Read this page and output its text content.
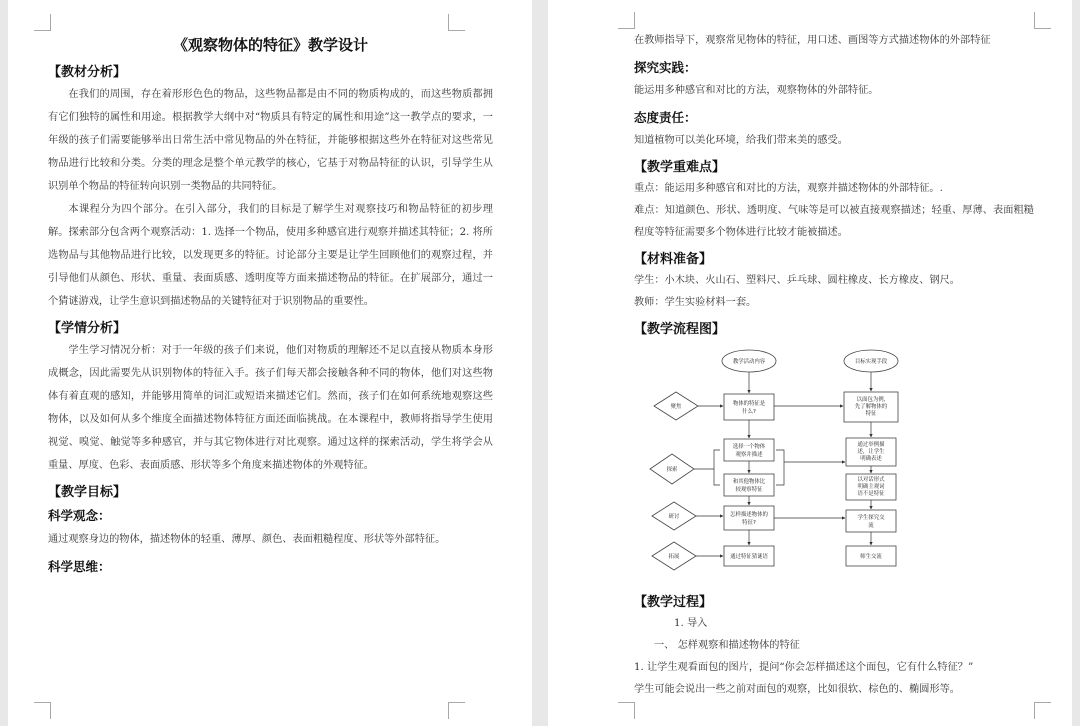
《观察物体的特征》教学设计
【教材分析】

在我们的周围，存在着形形色色的物品，这些物品都是由不同的物质构成的，而这些物质都拥有它们独特的属性和用途。根据教学大纲中对“物质具有特定的属性和用途”这一教学点的要求，一年级的孩子们需要能够举出日常生活中常见物品的外在特征，并能够根据这些外在特征对这些常见物品进行比较和分类。分类的理念是整个单元教学的核心，它基于对物品特征的认识，引导学生从识别单个物品的特征转向识别一类物品的共同特征。

本课程分为四个部分。在引入部分，我们的目标是了解学生对观察技巧和物品特征的初步理解。探索部分包含两个观察活动：1. 选择一个物品，使用多种感官进行观察并描述其特征；2. 将所选物品与其他物品进行比较，以发现更多的特征。讨论部分主要是让学生回顾他们的观察过程，并引导他们从颜色、形状、重量、表面质感、透明度等方面来描述物品的特征。在扩展部分，通过一个猜谜游戏，让学生意识到描述物品的关键特征对于识别物品的重要性。

【学情分析】

学生学习情况分析：对于一年级的孩子们来说，他们对物质的理解还不足以直接从物质本身形成概念，因此需要先从识别物体的特征入手。孩子们每天都会接触各种不同的物体，他们对这些物体有着直观的感知，并能够用简单的词汇或短语来描述它们。然而，孩子们在如何系统地观察这些物体，以及如何从多个维度全面描述物体特征方面还面临挑战。在本课程中，教师将指导学生使用视觉、嗅觉、触觉等多种感官，并与其它物体进行对比观察。通过这样的探索活动，学生将学会从重量、厚度、色彩、表面质感、形状等多个角度来描述物体的外观特征。

【教学目标】
科学观念：

通过观察身边的物体，描述物体的轻重、薄厚、颜色、表面粗糙程度、形状等外部特征。

科学思维：

在教师指导下，观察常见物体的特征，用口述、画图等方式描述物体的外部特征

探究实践：

能运用多种感官和对比的方法，观察物体的外部特征。

态度责任：

知道植物可以美化环境，给我们带来美的感受。

【教学重难点】

重点：能运用多种感官和对比的方法，观察并描述物体的外部特征。.

难点：知道颜色、形状、透明度、气味等是可以被直接观察描述；轻重、厚薄、表面粗糙程度等特征需要多个物体进行比较才能被描述。

【材料准备】

学生：小木块、火山石、塑料尺、乒乓球、圆柱橡皮、长方橡皮、钢尺。

教师：学生实验材料一套。

【教学流程图】
教学活动内容	目标实现手段
聚焦
探索
研讨
拓展
物体的特征是
什么?
选择一个物体
观察并描述
和其他物体比
较观察特征
怎样描述物体的
特征?
通过特征猜谜语
以面包为例,
先了解物体的
特征
通过举例描
述，让学生
明确表述
以对话形式
明确主观词
语不是特征
学生探究交
流
师生交流
【教学过程】

1. 导入

一、 怎样观察和描述物体的特征

1. 让学生观看面包的图片，提问“你会怎样描述这个面包，它有什么特征？”

学生可能会说出一些之前对面包的观察，比如很软、棕色的、椭圆形等。
